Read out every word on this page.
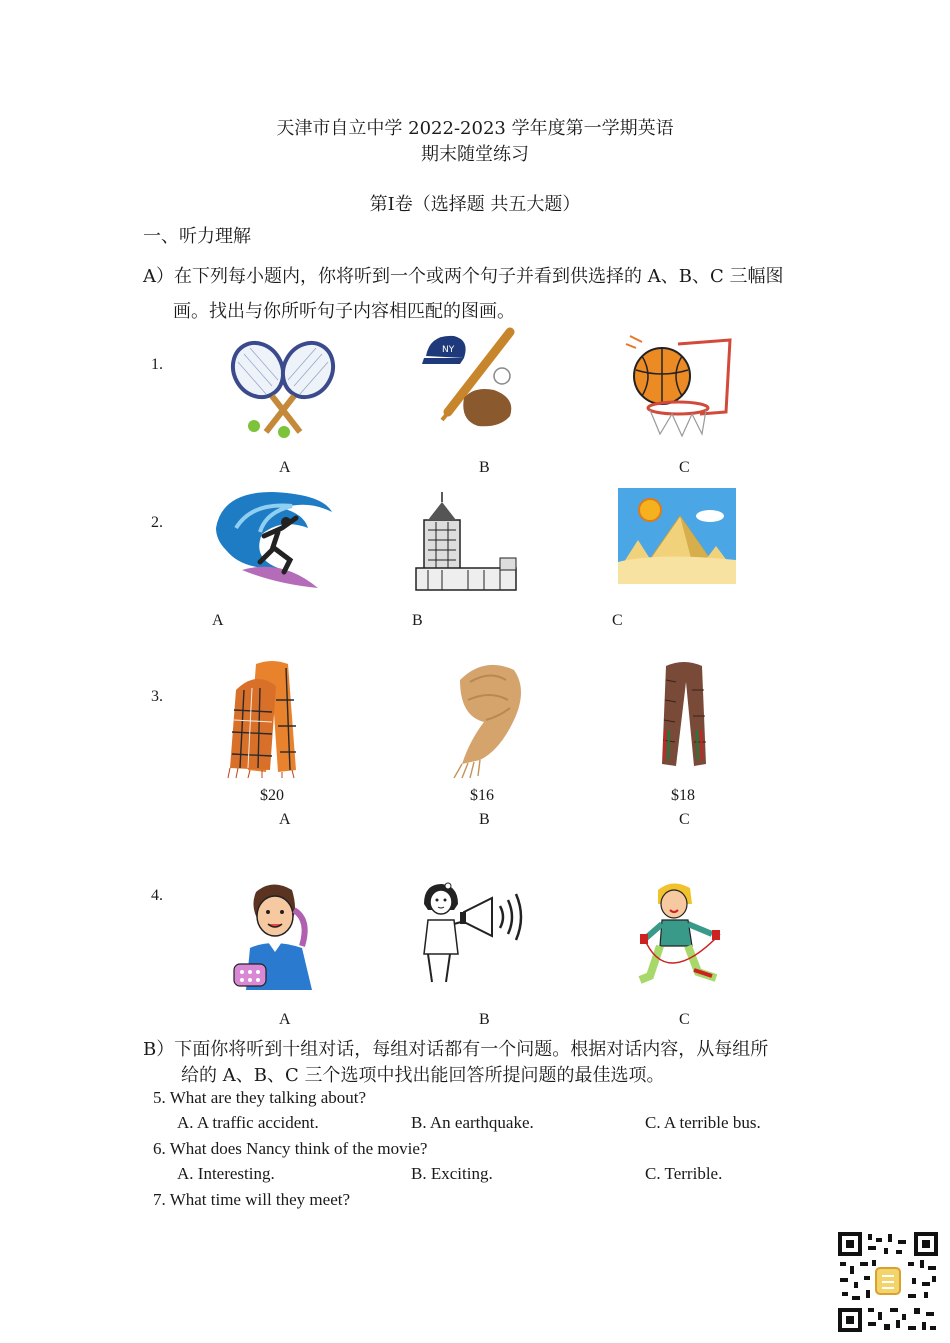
天津市自立中学 2022-2023 学年度第一学期英语
期末随堂练习
第Ⅰ卷（选择题 共五大题）
一、听力理解
A）在下列每小题内，你将听到一个或两个句子并看到供选择的 A、B、C 三幅图
画。找出与你所听句子内容相匹配的图画。
1.
2.
3.
4.
NY
A	B	C
A	B	C
$20	$16	$18
A	B	C
A	B	C
B）下面你将听到十组对话，每组对话都有一个问题。根据对话内容，从每组所
给的 A、B、C 三个选项中找出能回答所提问题的最佳选项。
5. What are they talking about?
A. A traffic accident.	B. An earthquake.	C. A terrible bus.
6. What does Nancy think of the movie?
A. Interesting.	B. Exciting.	C. Terrible.
7. What time will they meet?
